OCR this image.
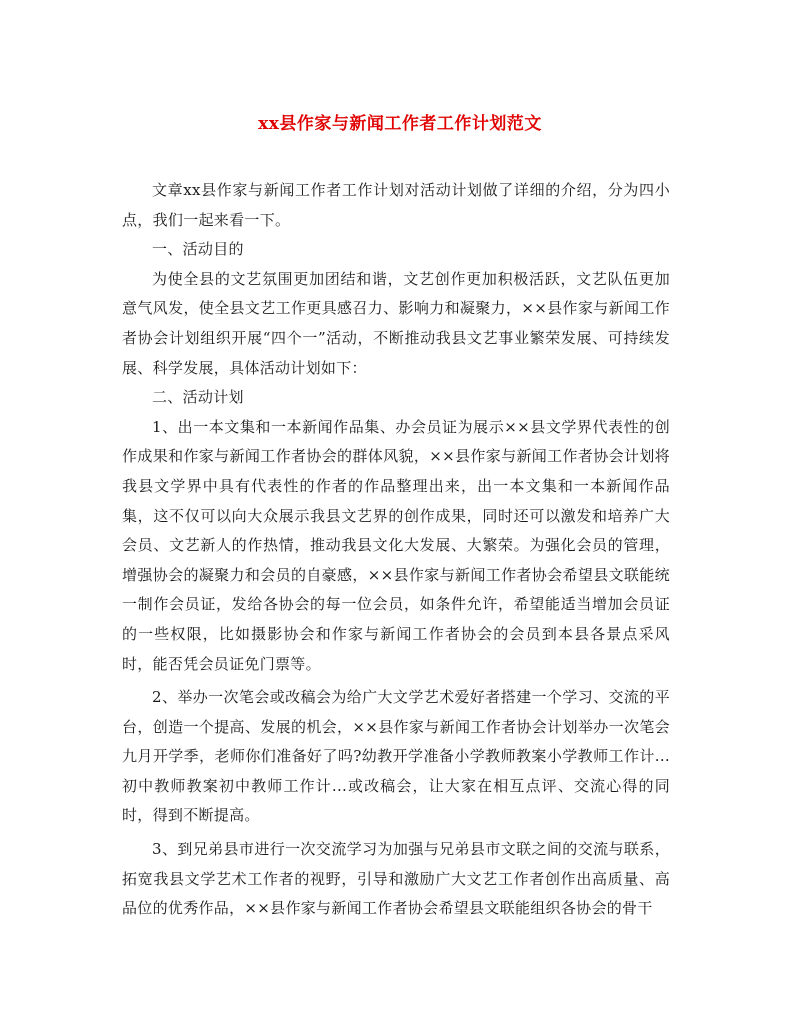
xx县作家与新闻工作者工作计划范文

文章xx县作家与新闻工作者工作计划对活动计划做了详细的介绍，分为四小点，我们一起来看一下。

一、活动目的

为使全县的文艺氛围更加团结和谐，文艺创作更加积极活跃，文艺队伍更加意气风发，使全县文艺工作更具感召力、影响力和凝聚力，××县作家与新闻工作者协会计划组织开展“四个一”活动，不断推动我县文艺事业繁荣发展、可持续发展、科学发展，具体活动计划如下：

二、活动计划

1、出一本文集和一本新闻作品集、办会员证为展示××县文学界代表性的创作成果和作家与新闻工作者协会的群体风貌，××县作家与新闻工作者协会计划将我县文学界中具有代表性的作者的作品整理出来，出一本文集和一本新闻作品集，这不仅可以向大众展示我县文艺界的创作成果，同时还可以激发和培养广大会员、文艺新人的作热情，推动我县文化大发展、大繁荣。为强化会员的管理，增强协会的凝聚力和会员的自豪感，××县作家与新闻工作者协会希望县文联能统一制作会员证，发给各协会的每一位会员，如条件允许，希望能适当增加会员证的一些权限，比如摄影协会和作家与新闻工作者协会的会员到本县各景点采风时，能否凭会员证免门票等。

2、举办一次笔会或改稿会为给广大文学艺术爱好者搭建一个学习、交流的平台，创造一个提高、发展的机会，××县作家与新闻工作者协会计划举办一次笔会九月开学季，老师你们准备好了吗?幼教开学准备小学教师教案小学教师工作计...初中教师教案初中教师工作计...或改稿会，让大家在相互点评、交流心得的同时，得到不断提高。

3、到兄弟县市进行一次交流学习为加强与兄弟县市文联之间的交流与联系，拓宽我县文学艺术工作者的视野，引导和激励广大文艺工作者创作出高质量、高品位的优秀作品，××县作家与新闻工作者协会希望县文联能组织各协会的骨干
